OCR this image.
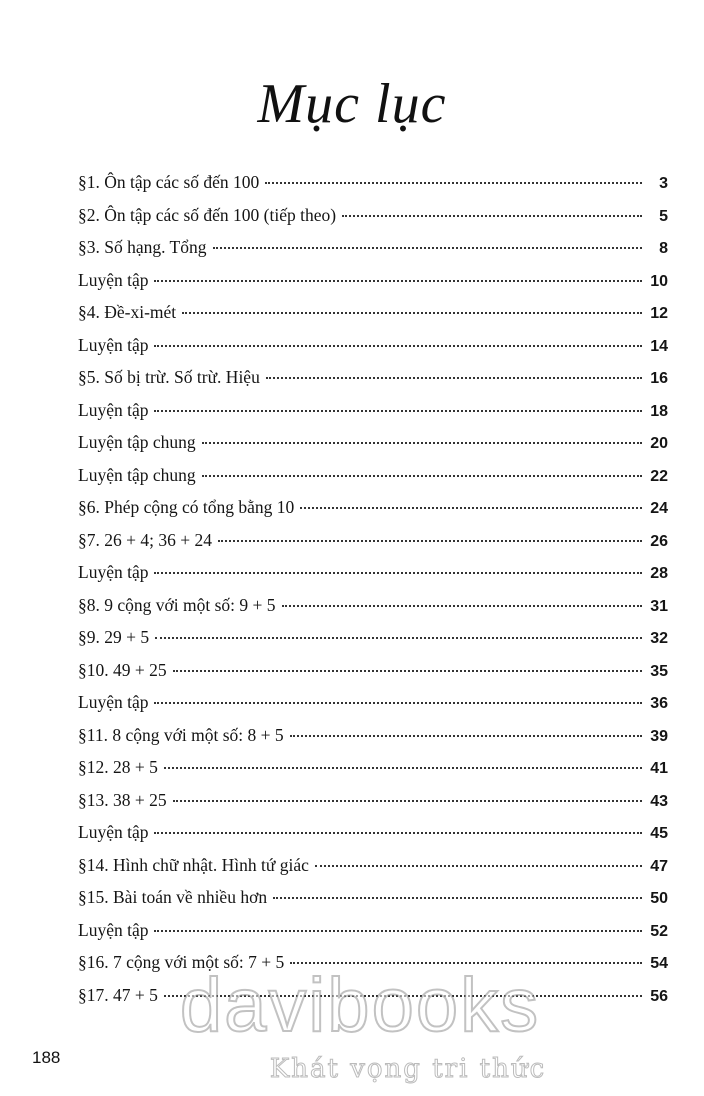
Mục lục
§1. Ôn tập các số đến 100	3
§2. Ôn tập các số đến 100 (tiếp theo)	5
§3. Số hạng. Tổng	8
Luyện tập	10
§4. Đề-xi-mét	12
Luyện tập	14
§5. Số bị trừ. Số trừ. Hiệu	16
Luyện tập	18
Luyện tập chung	20
Luyện tập chung	22
§6. Phép cộng có tổng bằng 10	24
§7. 26 + 4; 36 + 24	26
Luyện tập	28
§8. 9 cộng với một số: 9 + 5	31
§9. 29 + 5	32
§10. 49 + 25	35
Luyện tập	36
§11. 8 cộng với một số: 8 + 5	39
§12. 28 + 5	41
§13. 38 + 25	43
Luyện tập	45
§14. Hình chữ nhật. Hình tứ giác	47
§15. Bài toán về nhiều hơn	50
Luyện tập	52
§16. 7 cộng với một số: 7 + 5	54
§17. 47 + 5	56
188
davibooks
Khát vọng tri thức
